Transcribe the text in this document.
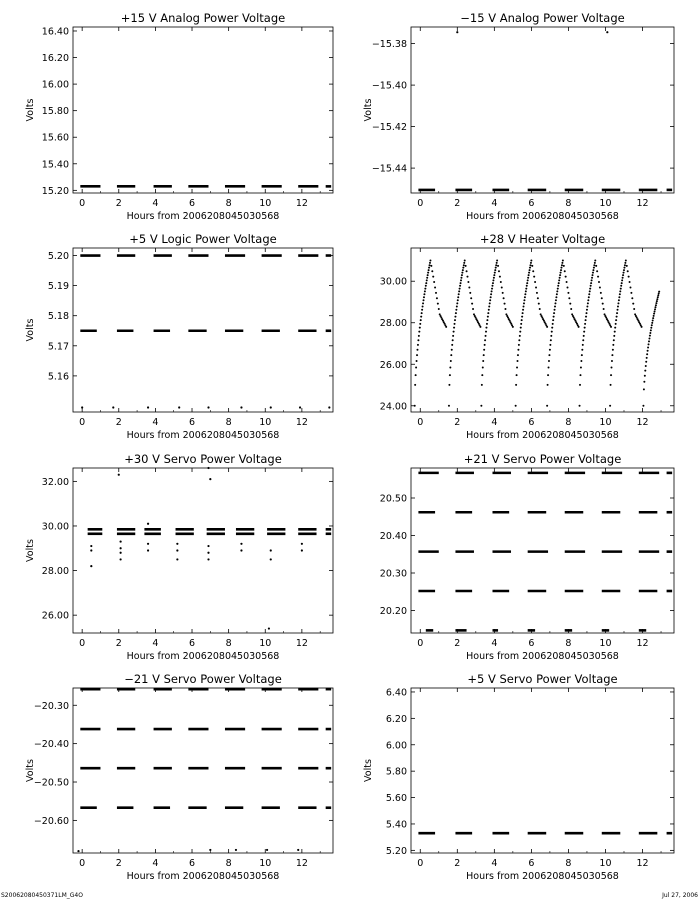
+15 V Analog Power Voltage
0	2	4	6	8	10	12
15.20
15.40
15.60
15.80
16.00
16.20
16.40
Hours from 2006208045030568
Volts
−15 V Analog Power Voltage
0	2	4	6	8	10	12
−15.38
−15.40
−15.42
−15.44
Hours from 2006208045030568
Volts
+5 V Logic Power Voltage
0	2	4	6	8	10	12
5.16
5.17
5.18
5.19
5.20
Hours from 2006208045030568
Volts
+28 V Heater Voltage
0	2	4	6	8	10	12
24.00
26.00
28.00
30.00
Hours from 2006208045030568
+30 V Servo Power Voltage
0	2	4	6	8	10	12
26.00
28.00
30.00
32.00
Hours from 2006208045030568
Volts
+21 V Servo Power Voltage
0	2	4	6	8	10	12
20.20
20.30
20.40
20.50
Hours from 2006208045030568
−21 V Servo Power Voltage
0	2	4	6	8	10	12
−20.30
−20.40
−20.50
−20.60
Hours from 2006208045030568
Volts
+5 V Servo Power Voltage
0	2	4	6	8	10	12
5.20
5.40
5.60
5.80
6.00
6.20
6.40
Hours from 2006208045030568
Volts
S20062080450371LM_G4O	Jul 27, 2006
